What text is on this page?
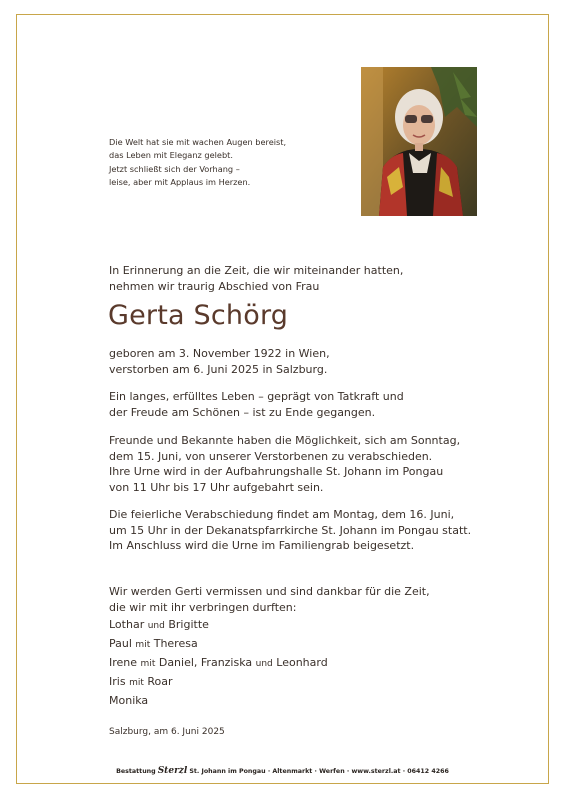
Die Welt hat sie mit wachen Augen bereist,
das Leben mit Eleganz gelebt.
Jetzt schließt sich der Vorhang –
leise, aber mit Applaus im Herzen.
In Erinnerung an die Zeit, die wir miteinander hatten,
nehmen wir traurig Abschied von Frau
Gerta Schörg
geboren am 3. November 1922 in Wien,
verstorben am 6. Juni 2025 in Salzburg.
Ein langes, erfülltes Leben – geprägt von Tatkraft und
der Freude am Schönen – ist zu Ende gegangen.
Freunde und Bekannte haben die Möglichkeit, sich am Sonntag,
dem 15. Juni, von unserer Verstorbenen zu verabschieden.
Ihre Urne wird in der Aufbahrungshalle St. Johann im Pongau
von 11 Uhr bis 17 Uhr aufgebahrt sein.
Die feierliche Verabschiedung findet am Montag, dem 16. Juni,
um 15 Uhr in der Dekanatspfarrkirche St. Johann im Pongau statt.
Im Anschluss wird die Urne im Familiengrab beigesetzt.
Wir werden Gerti vermissen und sind dankbar für die Zeit,
die wir mit ihr verbringen durften:
Lothar und Brigitte
Paul mit Theresa
Irene mit Daniel, Franziska und Leonhard
Iris mit Roar
Monika
Salzburg, am 6. Juni 2025
Bestattung Sterzl St. Johann im Pongau · Altenmarkt · Werfen · www.sterzl.at · 06412 4266
